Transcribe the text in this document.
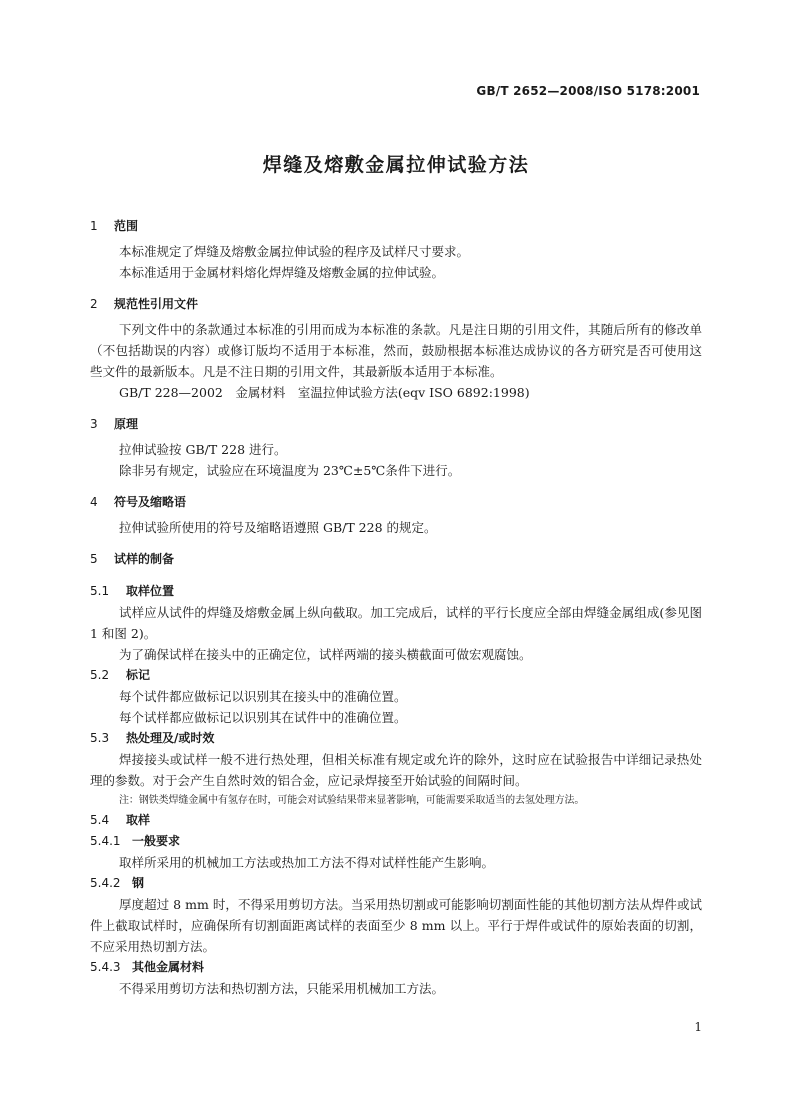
GB/T 2652—2008/ISO 5178:2001
焊缝及熔敷金属拉伸试验方法
1 范围

本标准规定了焊缝及熔敷金属拉伸试验的程序及试样尺寸要求。

本标准适用于金属材料熔化焊焊缝及熔敷金属的拉伸试验。

2 规范性引用文件

下列文件中的条款通过本标准的引用而成为本标准的条款。凡是注日期的引用文件，其随后所有的修改单（不包括勘误的内容）或修订版均不适用于本标准，然而，鼓励根据本标准达成协议的各方研究是否可使用这些文件的最新版本。凡是不注日期的引用文件，其最新版本适用于本标准。

GB/T 228—2002　金属材料　室温拉伸试验方法(eqv ISO 6892:1998)

3 原理

拉伸试验按 GB/T 228 进行。

除非另有规定，试验应在环境温度为 23℃±5℃条件下进行。

4 符号及缩略语

拉伸试验所使用的符号及缩略语遵照 GB/T 228 的规定。

5 试样的制备
5.1 取样位置

试样应从试件的焊缝及熔敷金属上纵向截取。加工完成后，试样的平行长度应全部由焊缝金属组成(参见图 1 和图 2)。

为了确保试样在接头中的正确定位，试样两端的接头横截面可做宏观腐蚀。

5.2 标记

每个试件都应做标记以识别其在接头中的准确位置。

每个试样都应做标记以识别其在试件中的准确位置。

5.3 热处理及/或时效

焊接接头或试样一般不进行热处理，但相关标准有规定或允许的除外，这时应在试验报告中详细记录热处理的参数。对于会产生自然时效的铝合金，应记录焊接至开始试验的间隔时间。

注：钢铁类焊缝金属中有氢存在时，可能会对试验结果带来显著影响，可能需要采取适当的去氢处理方法。

5.4 取样
5.4.1 一般要求

取样所采用的机械加工方法或热加工方法不得对试样性能产生影响。

5.4.2 钢

厚度超过 8 mm 时，不得采用剪切方法。当采用热切割或可能影响切割面性能的其他切割方法从焊件或试件上截取试样时，应确保所有切割面距离试样的表面至少 8 mm 以上。平行于焊件或试件的原始表面的切割，不应采用热切割方法。

5.4.3 其他金属材料

不得采用剪切方法和热切割方法，只能采用机械加工方法。

1
